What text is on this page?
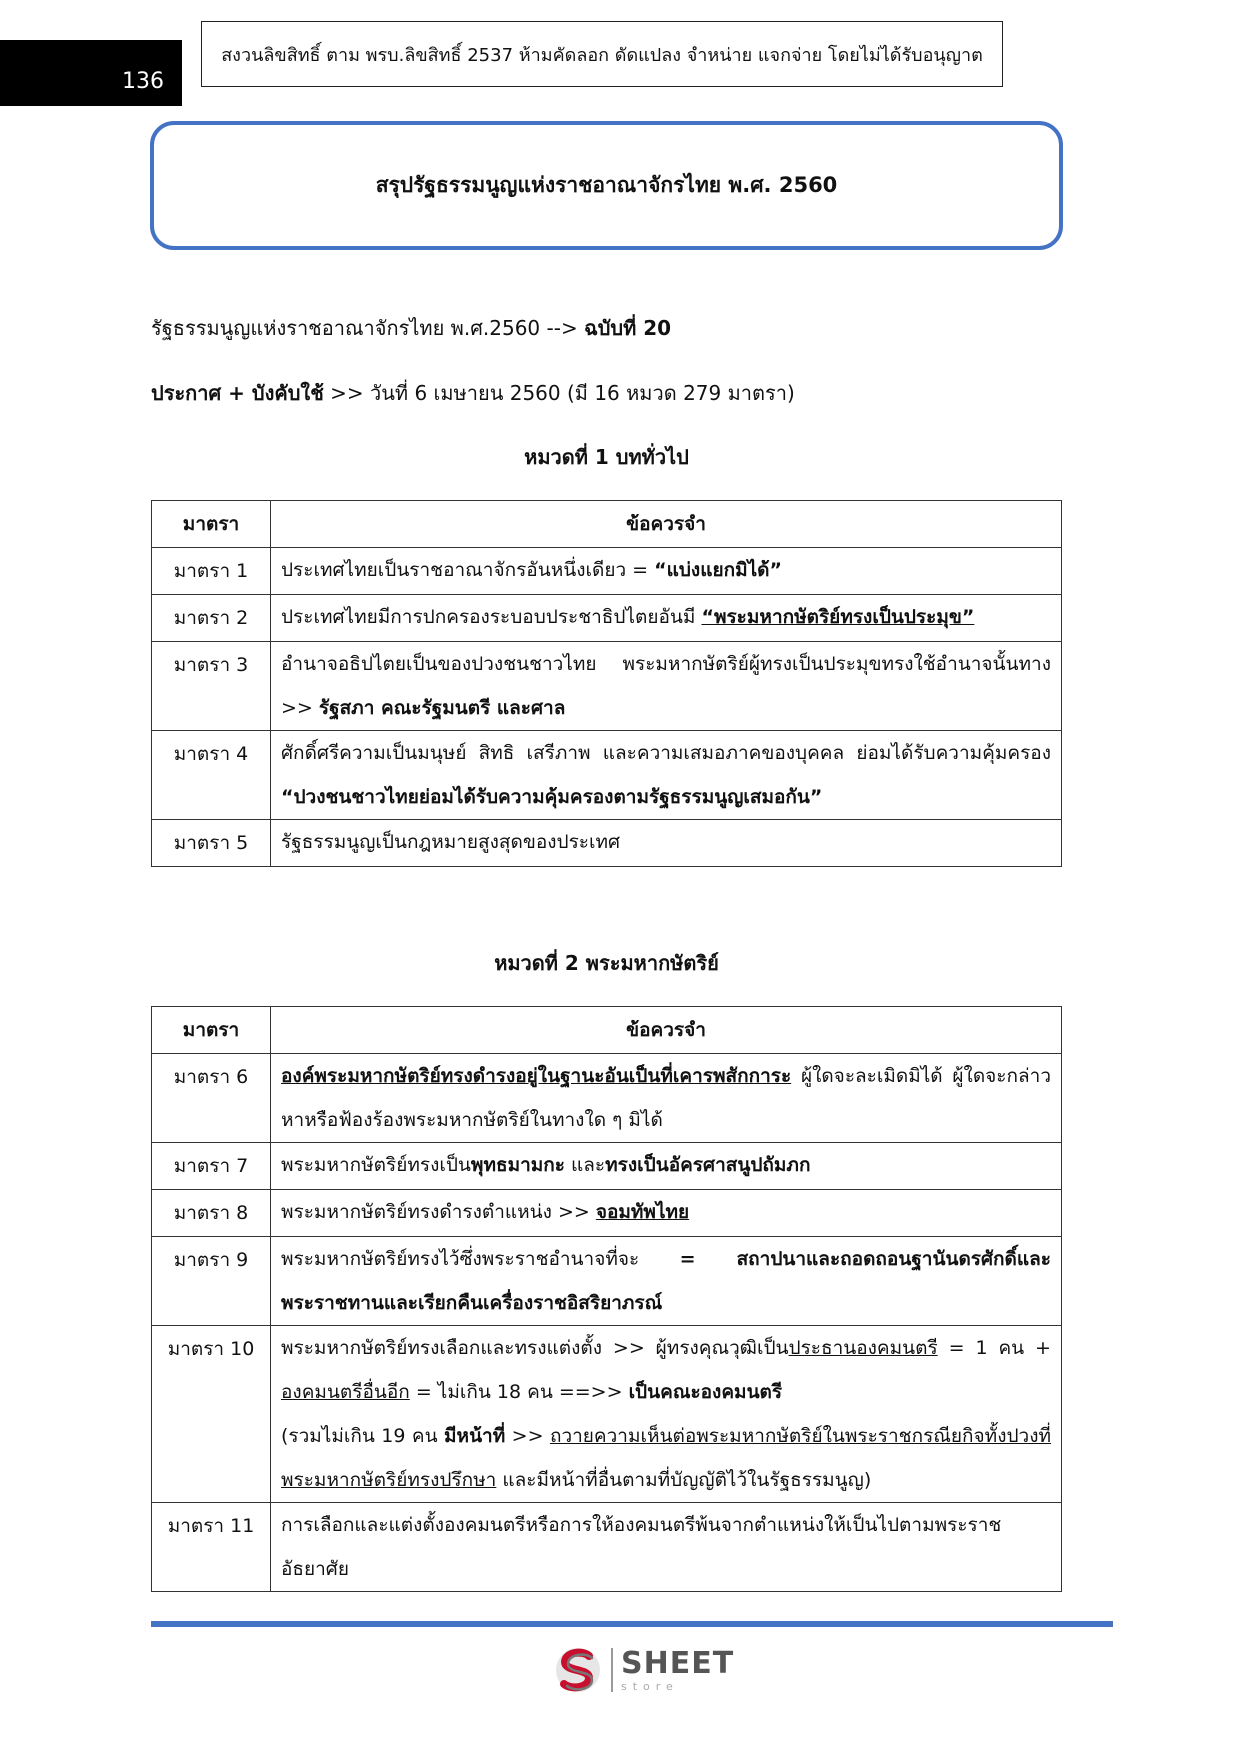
136
สงวนลิขสิทธิ์ ตาม พรบ.ลิขสิทธิ์ 2537 ห้ามคัดลอก ดัดแปลง จำหน่าย แจกจ่าย โดยไม่ได้รับอนุญาต
สรุปรัฐธรรมนูญแห่งราชอาณาจักรไทย พ.ศ. 2560
รัฐธรรมนูญแห่งราชอาณาจักรไทย พ.ศ.2560 --> ฉบับที่ 20
ประกาศ + บังคับใช้ >> วันที่ 6 เมษายน 2560 (มี 16 หมวด 279 มาตรา)
หมวดที่ 1 บททั่วไป
มาตรา	ข้อควรจำ
มาตรา 1	ประเทศไทยเป็นราชอาณาจักรอันหนึ่งเดียว = “แบ่งแยกมิได้”
มาตรา 2	ประเทศไทยมีการปกครองระบอบประชาธิปไตยอันมี “พระมหากษัตริย์ทรงเป็นประมุข”
มาตรา 3	อำนาจอธิปไตยเป็นของปวงชนชาวไทย พระมหากษัตริย์ผู้ทรงเป็นประมุขทรงใช้อำนาจนั้นทาง >> รัฐสภา คณะรัฐมนตรี และศาล
มาตรา 4	ศักดิ์ศรีความเป็นมนุษย์ สิทธิ เสรีภาพ และความเสมอภาคของบุคคล ย่อมได้รับความคุ้มครอง “ปวงชนชาวไทยย่อมได้รับความคุ้มครองตามรัฐธรรมนูญเสมอกัน”
มาตรา 5	รัฐธรรมนูญเป็นกฎหมายสูงสุดของประเทศ
หมวดที่ 2 พระมหากษัตริย์
มาตรา	ข้อควรจำ
มาตรา 6	องค์พระมหากษัตริย์ทรงดำรงอยู่ในฐานะอันเป็นที่เคารพสักการะ ผู้ใดจะละเมิดมิได้ ผู้ใดจะกล่าวหาหรือฟ้องร้องพระมหากษัตริย์ในทางใด ๆ มิได้
มาตรา 7	พระมหากษัตริย์ทรงเป็นพุทธมามกะ และทรงเป็นอัครศาสนูปถัมภก
มาตรา 8	พระมหากษัตริย์ทรงดำรงตำแหน่ง >> จอมทัพไทย
มาตรา 9	พระมหากษัตริย์ทรงไว้ซึ่งพระราชอำนาจที่จะ = สถาปนาและถอดถอนฐานันดรศักดิ์และพระราชทานและเรียกคืนเครื่องราชอิสริยาภรณ์
มาตรา 10	พระมหากษัตริย์ทรงเลือกและทรงแต่งตั้ง >> ผู้ทรงคุณวุฒิเป็นประธานองคมนตรี = 1 คน + องคมนตรีอื่นอีก = ไม่เกิน 18 คน ==>> เป็นคณะองคมนตรี
(รวมไม่เกิน 19 คน มีหน้าที่ >> ถวายความเห็นต่อพระมหากษัตริย์ในพระราชกรณียกิจทั้งปวงที่พระมหากษัตริย์ทรงปรึกษา และมีหน้าที่อื่นตามที่บัญญัติไว้ในรัฐธรรมนูญ)
มาตรา 11	การเลือกและแต่งตั้งองคมนตรีหรือการให้องคมนตรีพ้นจากตำแหน่งให้เป็นไปตามพระราชอัธยาศัย
SHEET
store
